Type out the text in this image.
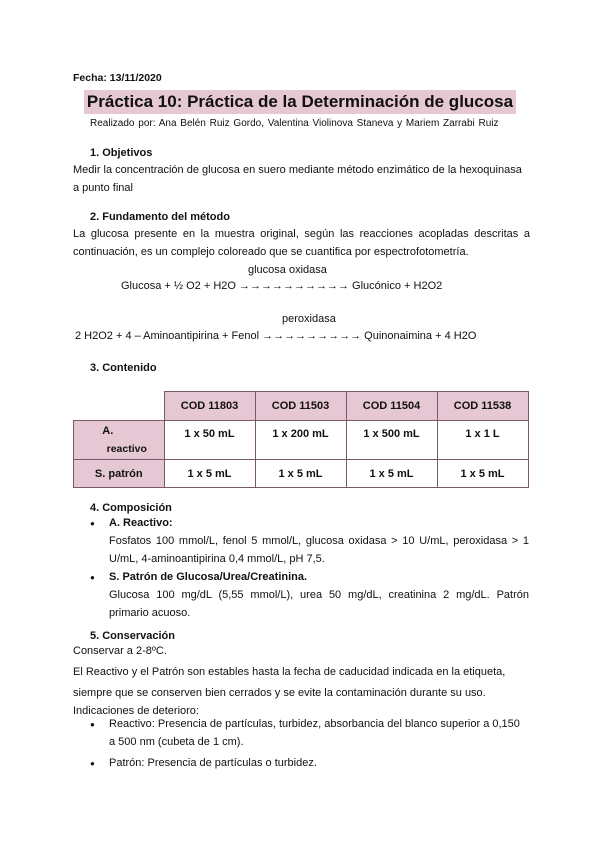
Fecha: 13/11/2020
Práctica 10: Práctica de la Determinación de glucosa
Realizado por: Ana Belén Ruiz Gordo, Valentina Violinova Staneva y Mariem Zarrabi Ruiz
1. Objetivos
Medir la concentración de glucosa en suero mediante método enzimático de la hexoquinasa
a punto final
2. Fundamento del método
La glucosa presente en la muestra original, según las reacciones acopladas descritas a
continuación, es un complejo coloreado que se cuantifica por espectrofotometría.
glucosa oxidasa
Glucosa + ½ O2 + H2O →→→→→→→→→→ Glucónico + H2O2
peroxidasa
2 H2O2 + 4 – Aminoantipirina + Fenol →→→→→→→→→ Quinonaimina + 4 H2O
3. Contenido
	COD 11803	COD 11503	COD 11504	COD 11538

A.
reactivo	1 x 50 mL	1 x 200 mL	1 x 500 mL	1 x 1 L
S. patrón	1 x 5 mL	1 x 5 mL	1 x 5 mL	1 x 5 mL
4. Composición
● A. Reactivo:
Fosfatos 100 mmol/L, fenol 5 mmol/L, glucosa oxidasa > 10 U/mL, peroxidasa > 1
U/mL, 4-aminoantipirina 0,4 mmol/L, pH 7,5.
● S. Patrón de Glucosa/Urea/Creatinina.
Glucosa 100 mg/dL (5,55 mmol/L), urea 50 mg/dL, creatinina 2 mg/dL. Patrón
primario acuoso.
5. Conservación
Conservar a 2-8ºC.
El Reactivo y el Patrón son estables hasta la fecha de caducidad indicada en la etiqueta,
siempre que se conserven bien cerrados y se evite la contaminación durante su uso.
Indicaciones de deterioro:
● Reactivo: Presencia de partículas, turbidez, absorbancia del blanco superior a 0,150
a 500 nm (cubeta de 1 cm).
● Patrón: Presencia de partículas o turbidez.
